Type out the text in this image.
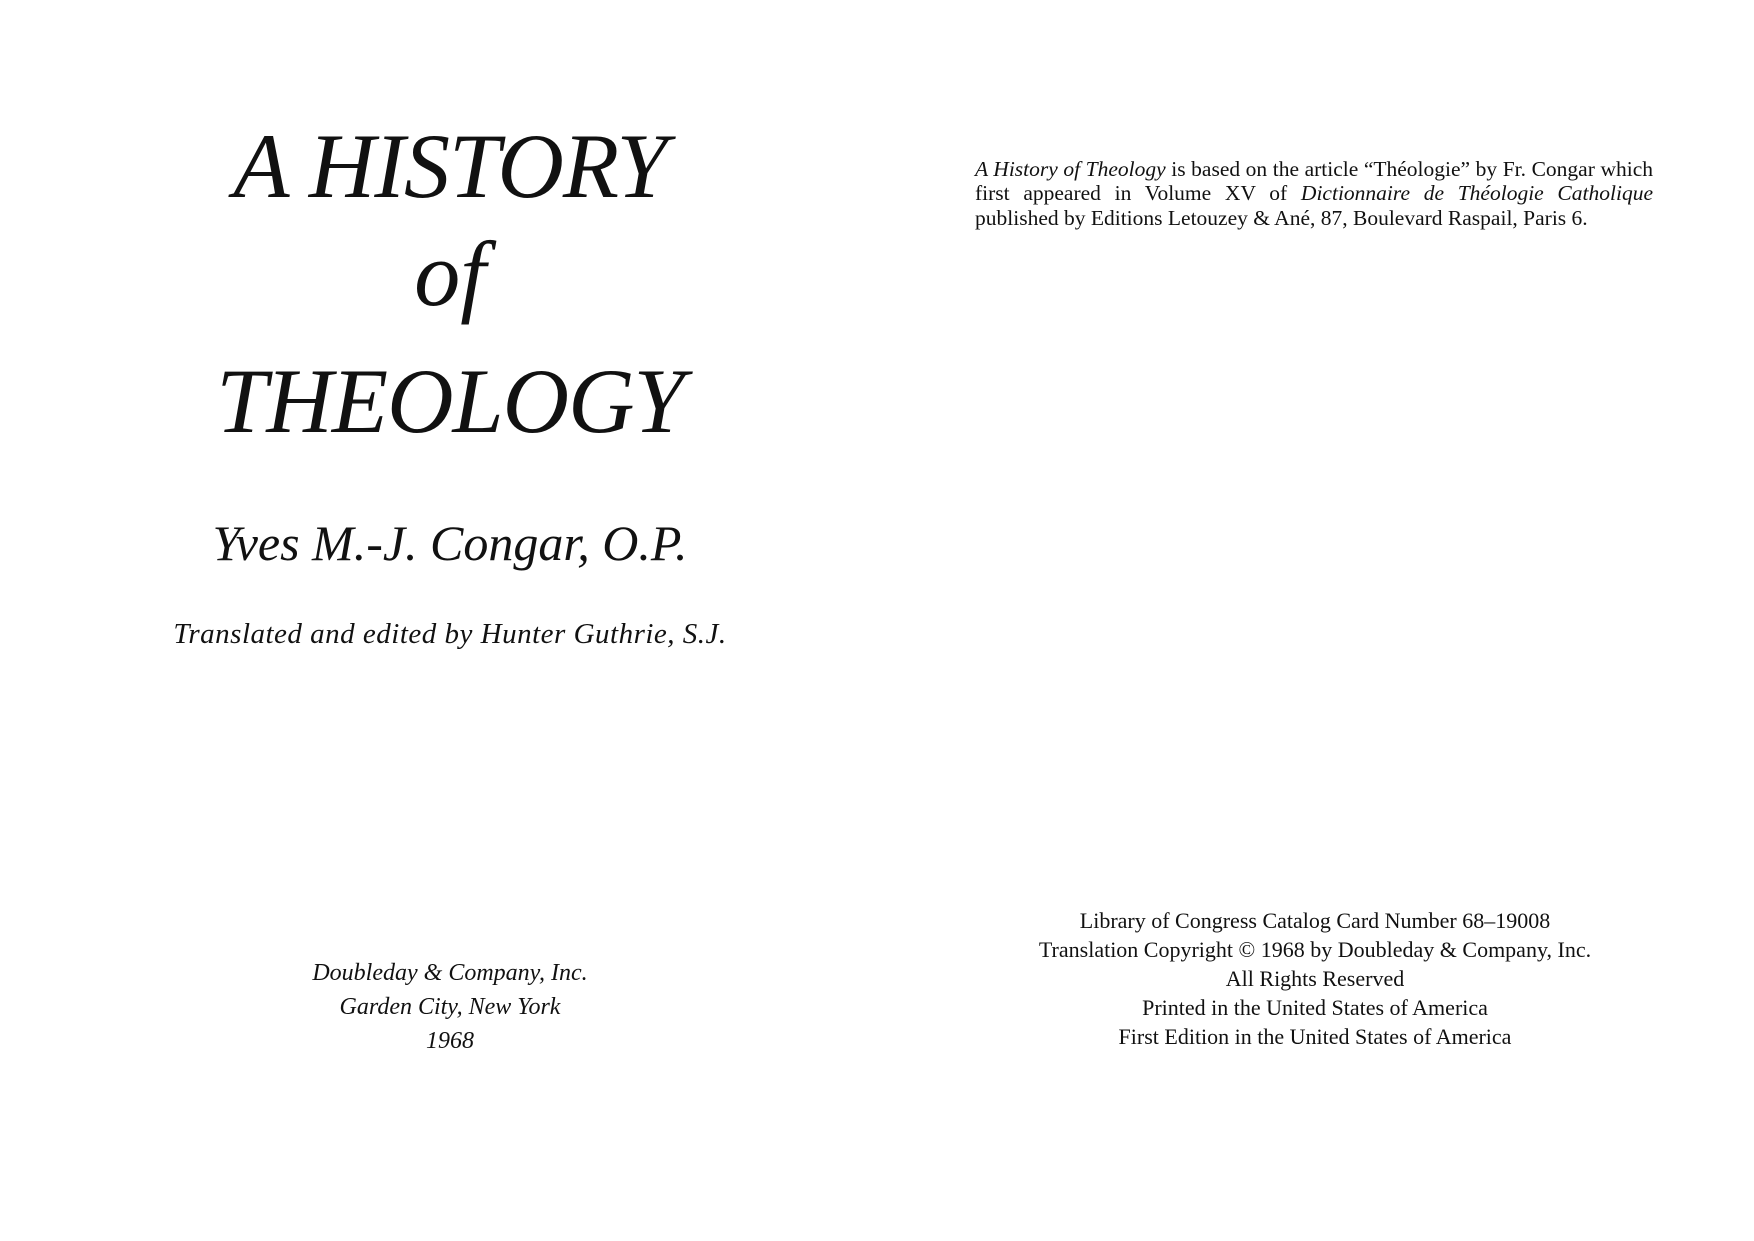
A HISTORY
of
THEOLOGY
Yves M.-J. Congar, O.P.
Translated and edited by Hunter Guthrie, S.J.
Doubleday & Company, Inc.
Garden City, New York
1968

A History of Theology is based on the article “Théologie” by Fr. Congar which first appeared in Volume XV of Dictionnaire de Théologie Catholique published by Editions Letouzey & Ané, 87, Boulevard Raspail, Paris 6.

Library of Congress Catalog Card Number 68–19008
Translation Copyright © 1968 by Doubleday & Company, Inc.
All Rights Reserved
Printed in the United States of America
First Edition in the United States of America
